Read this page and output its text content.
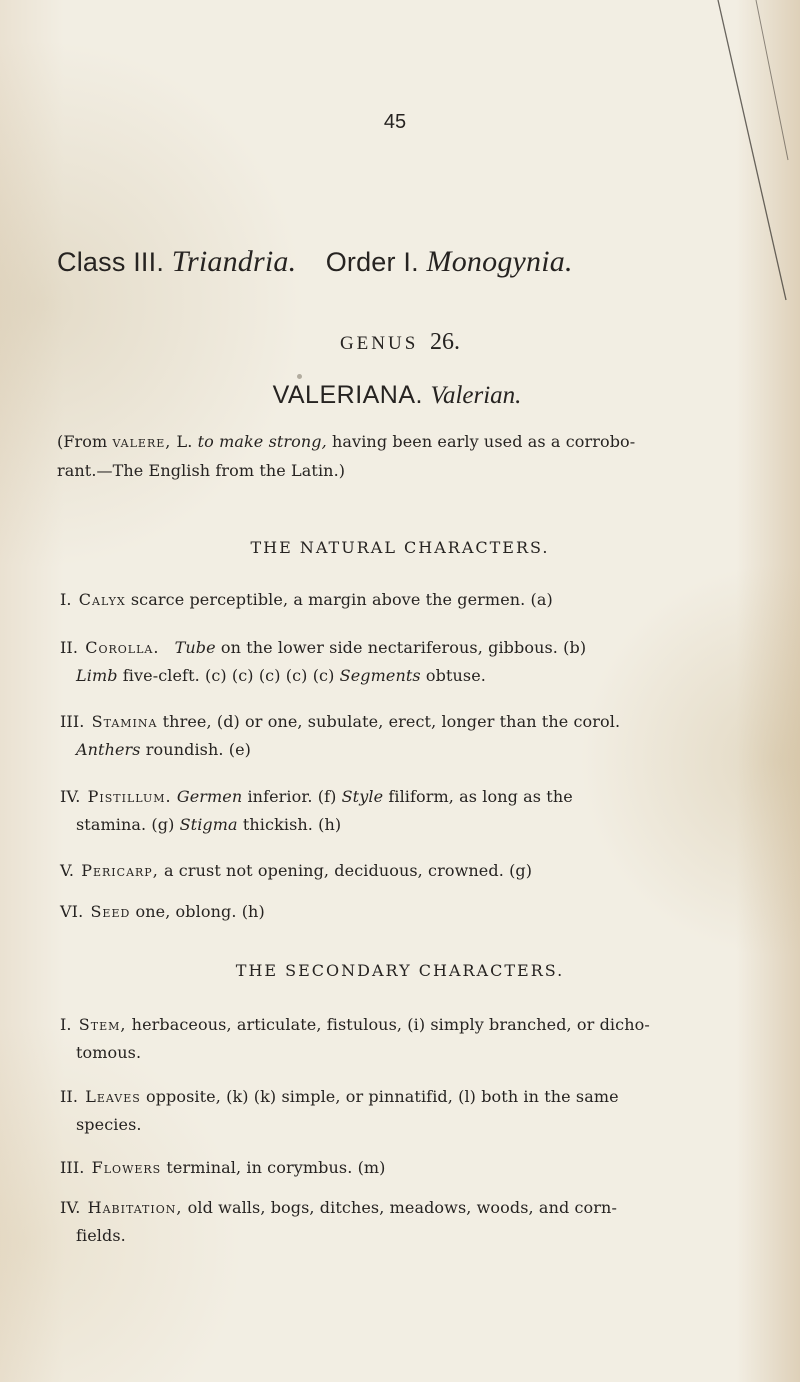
45
Class III. Triandria. Order I. Monogynia.
GENUS 26.
VALERIANA. Valerian.
(From valere, L. to make strong, having been early used as a corrobo-
rant.—The English from the Latin.)
THE NATURAL CHARACTERS.
I. Calyx scarce perceptible, a margin above the germen. (a)
II. Corolla. Tube on the lower side nectariferous, gibbous. (b)
Limb five-cleft. (c) (c) (c) (c) (c) Segments obtuse.
III. Stamina three, (d) or one, subulate, erect, longer than the corol.
Anthers roundish. (e)
IV. Pistillum. Germen inferior. (f) Style filiform, as long as the
stamina. (g) Stigma thickish. (h)
V. Pericarp, a crust not opening, deciduous, crowned. (g)
VI. Seed one, oblong. (h)
THE SECONDARY CHARACTERS.
I. Stem, herbaceous, articulate, fistulous, (i) simply branched, or dicho-
tomous.
II. Leaves opposite, (k) (k) simple, or pinnatifid, (l) both in the same
species.
III. Flowers terminal, in corymbus. (m)
IV. Habitation, old walls, bogs, ditches, meadows, woods, and corn-
fields.
